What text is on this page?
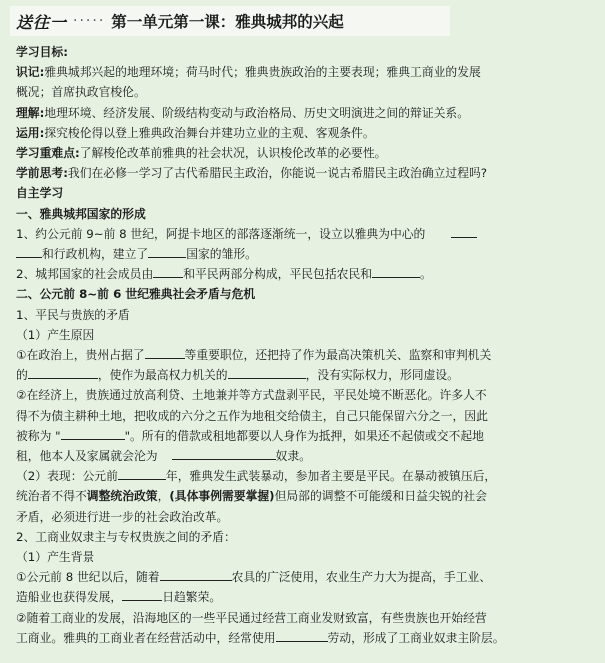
送往一 ····· 第一单元第一课：雅典城邦的兴起
学习目标:
识记:雅典城邦兴起的地理环境；荷马时代；雅典贵族政治的主要表现；雅典工商业的发展
概况；首席执政官梭伦。
理解:地理环境、经济发展、阶级结构变动与政治格局、历史文明演进之间的辩证关系。
运用:探究梭伦得以登上雅典政治舞台并建功立业的主观、客观条件。
学习重难点:了解梭伦改革前雅典的社会状况，认识梭伦改革的必要性。
学前思考:我们在必修一学习了古代希腊民主政治，你能说一说古希腊民主政治确立过程吗?
自主学习
一、雅典城邦国家的形成
1、约公元前 9~前 8 世纪，阿提卡地区的部落逐渐统一，设立以雅典为中心的
和行政机构，建立了	国家的雏形。
2、城邦国家的社会成员由	和平民两部分构成，平民包括农民和	。
二、公元前 8~前 6 世纪雅典社会矛盾与危机
1、平民与贵族的矛盾
（1）产生原因
①在政治上，贵州占据了	等重要职位，还把持了作为最高决策机关、监察和审判机关
的	，使作为最高权力机关的	，没有实际权力，形同虚设。
②在经济上，贵族通过放高利贷、土地兼并等方式盘剥平民，平民处境不断恶化。许多人不
得不为债主耕种土地，把收成的六分之五作为地租交给债主，自己只能保留六分之一，因此
被称为 "	"。所有的借款或租地都要以人身作为抵押，如果还不起债或交不起地
租，他本人及家属就会沦为	奴隶。
（2）表现：公元前	年，雅典发生武装暴动，参加者主要是平民。在暴动被镇压后，
统治者不得不调整统治政策，(具体事例需要掌握)但局部的调整不可能缓和日益尖锐的社会
矛盾，必须进行进一步的社会政治改革。
2、工商业奴隶主与专权贵族之间的矛盾：
（1）产生背景
①公元前 8 世纪以后，随着	农具的广泛使用，农业生产力大为提高，手工业、
造船业也获得发展，	日趋繁荣。
②随着工商业的发展，沿海地区的一些平民通过经营工商业发财致富，有些贵族也开始经营
工商业。雅典的工商业者在经营活动中，经常使用	劳动，形成了工商业奴隶主阶层。
